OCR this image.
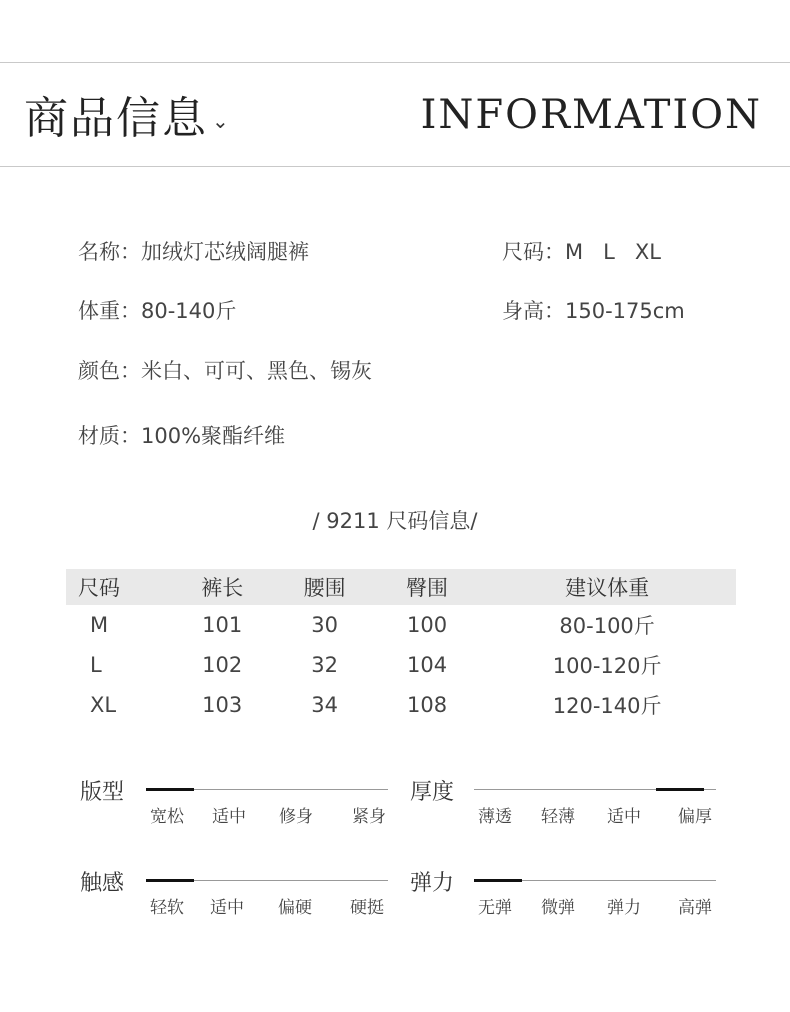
商品信息 ⌄	INFORMATION
名称：加绒灯芯绒阔腿裤	尺码：M   L   XL
体重：80-140斤	身高：150-175cm
颜色：米白、可可、黑色、锡灰
材质：100%聚酯纤维
/ 9211 尺码信息/
尺码	裤长	腰围	臀围	建议体重
M	101	30	100	80-100斤
L	102	32	104	100-120斤
XL	103	34	108	120-140斤
版型
宽松 适中 修身 紧身
厚度
薄透 轻薄 适中 偏厚
触感
轻软 适中 偏硬 硬挺
弹力
无弹 微弹 弹力 高弹
